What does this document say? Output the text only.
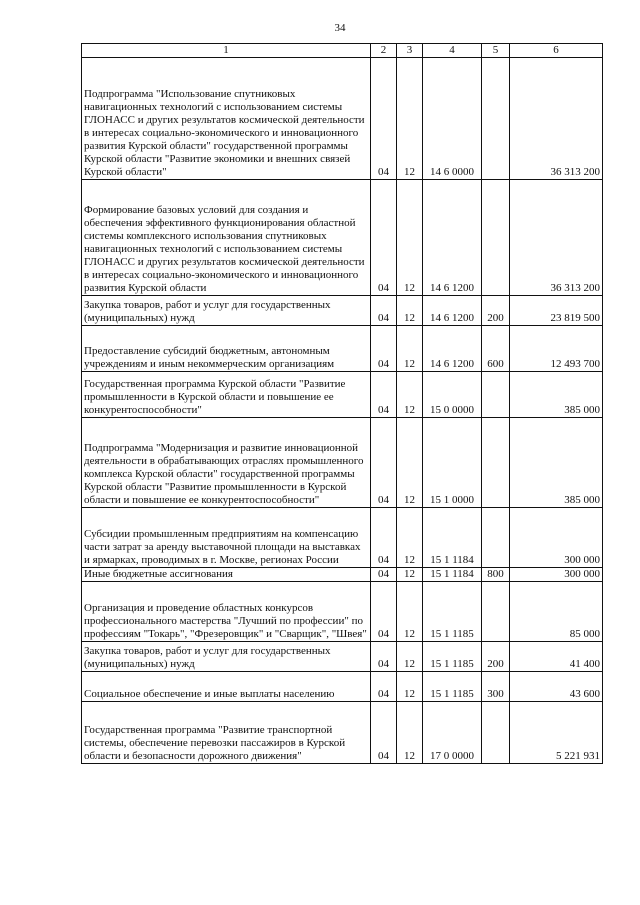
34
1	2	3	4	5	6
Подпрограмма "Использование спутниковых навигационных технологий с использованием системы ГЛОНАСС и других результатов космической деятельности в интересах социально-экономического и инновационного развития Курской области" государственной программы Курской области "Развитие экономики и внешних связей Курской области"	04	12	14 6 0000		36 313 200
Формирование базовых условий для создания и обеспечения эффективного функционирования областной системы комплексного использования спутниковых навигационных технологий с использованием системы ГЛОНАСС и других результатов космической деятельности в интересах социально-экономического и инновационного развития Курской области	04	12	14 6 1200		36 313 200
Закупка товаров, работ и услуг для государственных (муниципальных) нужд	04	12	14 6 1200	200	23 819 500
Предоставление субсидий бюджетным, автономным учреждениям и иным некоммерческим организациям	04	12	14 6 1200	600	12 493 700
Государственная программа Курской области "Развитие промышленности в Курской области и повышение ее конкурентоспособности"	04	12	15 0 0000		385 000
Подпрограмма "Модернизация и развитие инновационной деятельности в обрабатывающих отраслях промышленного комплекса Курской области" государственной программы Курской области "Развитие промышленности в Курской области и повышение ее конкурентоспособности"	04	12	15 1 0000		385 000
Субсидии промышленным предприятиям на компенсацию части затрат за аренду выставочной площади на выставках и ярмарках, проводимых в г. Москве, регионах России	04	12	15 1 1184		300 000
Иные бюджетные ассигнования	04	12	15 1 1184	800	300 000
Организация и проведение областных конкурсов профессионального мастерства "Лучший по профессии" по профессиям "Токарь", "Фрезеровщик" и "Сварщик", "Швея"	04	12	15 1 1185		85 000
Закупка товаров, работ и услуг для государственных (муниципальных) нужд	04	12	15 1 1185	200	41 400
Социальное обеспечение и иные выплаты населению	04	12	15 1 1185	300	43 600
Государственная программа "Развитие транспортной системы, обеспечение перевозки пассажиров в Курской области и безопасности дорожного движения"	04	12	17 0 0000		5 221 931
